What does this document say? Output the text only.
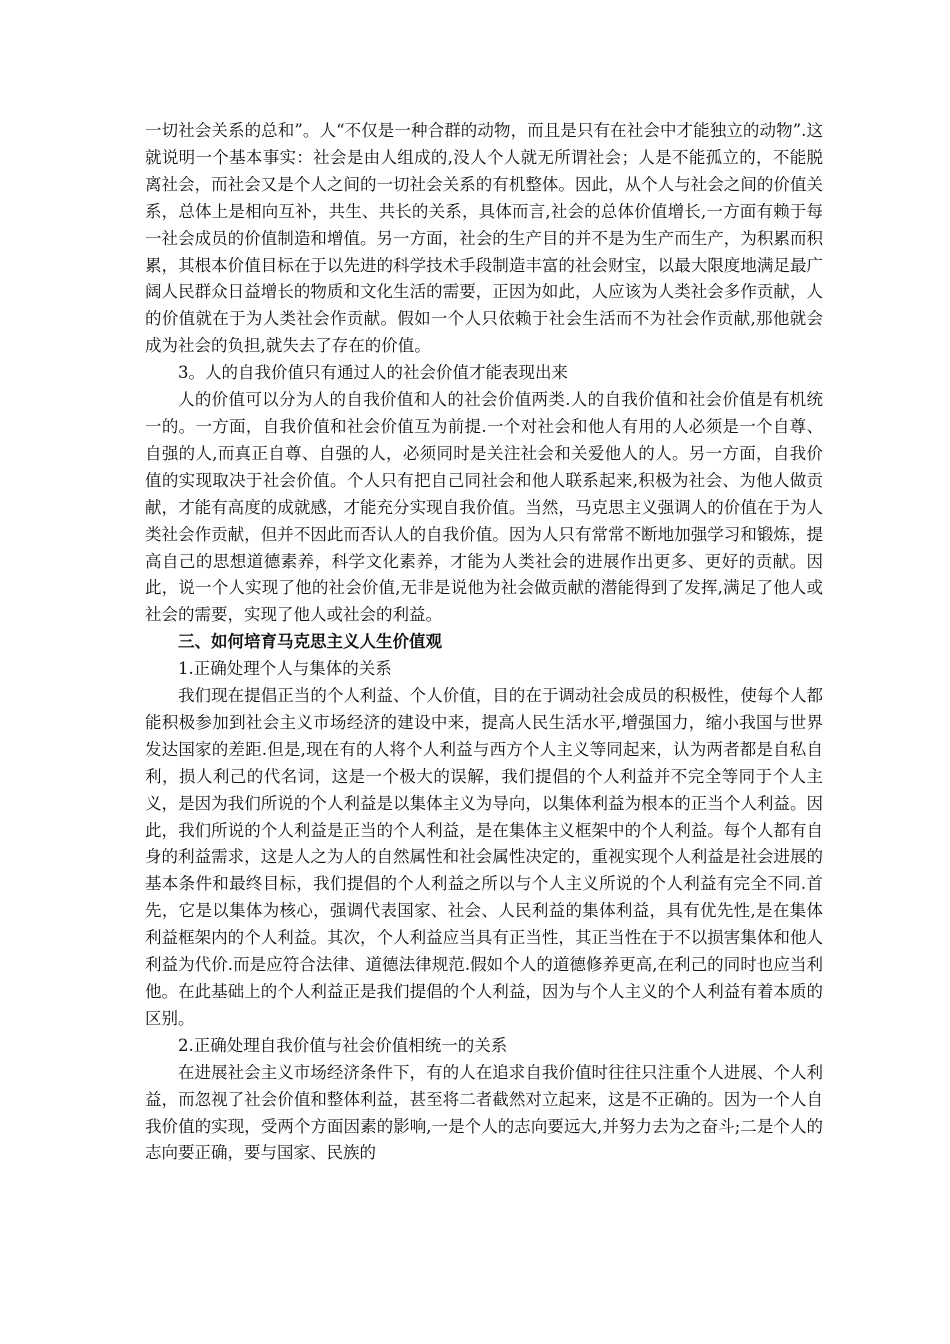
一切社会关系的总和”。人“不仅是一种合群的动物，而且是只有在社会中才能独立的动物”.这就说明一个基本事实：社会是由人组成的,没人个人就无所谓社会；人是不能孤立的，不能脱离社会，而社会又是个人之间的一切社会关系的有机整体。因此，从个人与社会之间的价值关系，总体上是相向互补，共生、共长的关系，具体而言,社会的总体价值增长,一方面有赖于每一社会成员的价值制造和增值。另一方面，社会的生产目的并不是为生产而生产，为积累而积累，其根本价值目标在于以先进的科学技术手段制造丰富的社会财宝，以最大限度地满足最广阔人民群众日益增长的物质和文化生活的需要，正因为如此，人应该为人类社会多作贡献，人的价值就在于为人类社会作贡献。假如一个人只依赖于社会生活而不为社会作贡献,那他就会成为社会的负担,就失去了存在的价值。

3。人的自我价值只有通过人的社会价值才能表现出来

人的价值可以分为人的自我价值和人的社会价值两类.人的自我价值和社会价值是有机统一的。一方面，自我价值和社会价值互为前提.一个对社会和他人有用的人必须是一个自尊、自强的人,而真正自尊、自强的人，必须同时是关注社会和关爱他人的人。另一方面，自我价值的实现取决于社会价值。个人只有把自己同社会和他人联系起来,积极为社会、为他人做贡献，才能有高度的成就感，才能充分实现自我价值。当然，马克思主义强调人的价值在于为人类社会作贡献，但并不因此而否认人的自我价值。因为人只有常常不断地加强学习和锻炼，提高自己的思想道德素养，科学文化素养，才能为人类社会的进展作出更多、更好的贡献。因此，说一个人实现了他的社会价值,无非是说他为社会做贡献的潜能得到了发挥,满足了他人或社会的需要，实现了他人或社会的利益。

三、如何培育马克思主义人生价值观

1.正确处理个人与集体的关系

我们现在提倡正当的个人利益、个人价值，目的在于调动社会成员的积极性，使每个人都能积极参加到社会主义市场经济的建设中来，提高人民生活水平,增强国力，缩小我国与世界发达国家的差距.但是,现在有的人将个人利益与西方个人主义等同起来，认为两者都是自私自利，损人利己的代名词，这是一个极大的误解，我们提倡的个人利益并不完全等同于个人主义，是因为我们所说的个人利益是以集体主义为导向，以集体利益为根本的正当个人利益。因此，我们所说的个人利益是正当的个人利益，是在集体主义框架中的个人利益。每个人都有自身的利益需求，这是人之为人的自然属性和社会属性决定的，重视实现个人利益是社会进展的基本条件和最终目标，我们提倡的个人利益之所以与个人主义所说的个人利益有完全不同.首先，它是以集体为核心，强调代表国家、社会、人民利益的集体利益，具有优先性,是在集体利益框架内的个人利益。其次，个人利益应当具有正当性，其正当性在于不以损害集体和他人利益为代价.而是应符合法律、道德法律规范.假如个人的道德修养更高,在利己的同时也应当利他。在此基础上的个人利益正是我们提倡的个人利益，因为与个人主义的个人利益有着本质的区别。

2.正确处理自我价值与社会价值相统一的关系

在进展社会主义市场经济条件下，有的人在追求自我价值时往往只注重个人进展、个人利益，而忽视了社会价值和整体利益，甚至将二者截然对立起来，这是不正确的。因为一个人自我价值的实现，受两个方面因素的影响,一是个人的志向要远大,并努力去为之奋斗;二是个人的志向要正确，要与国家、民族的
